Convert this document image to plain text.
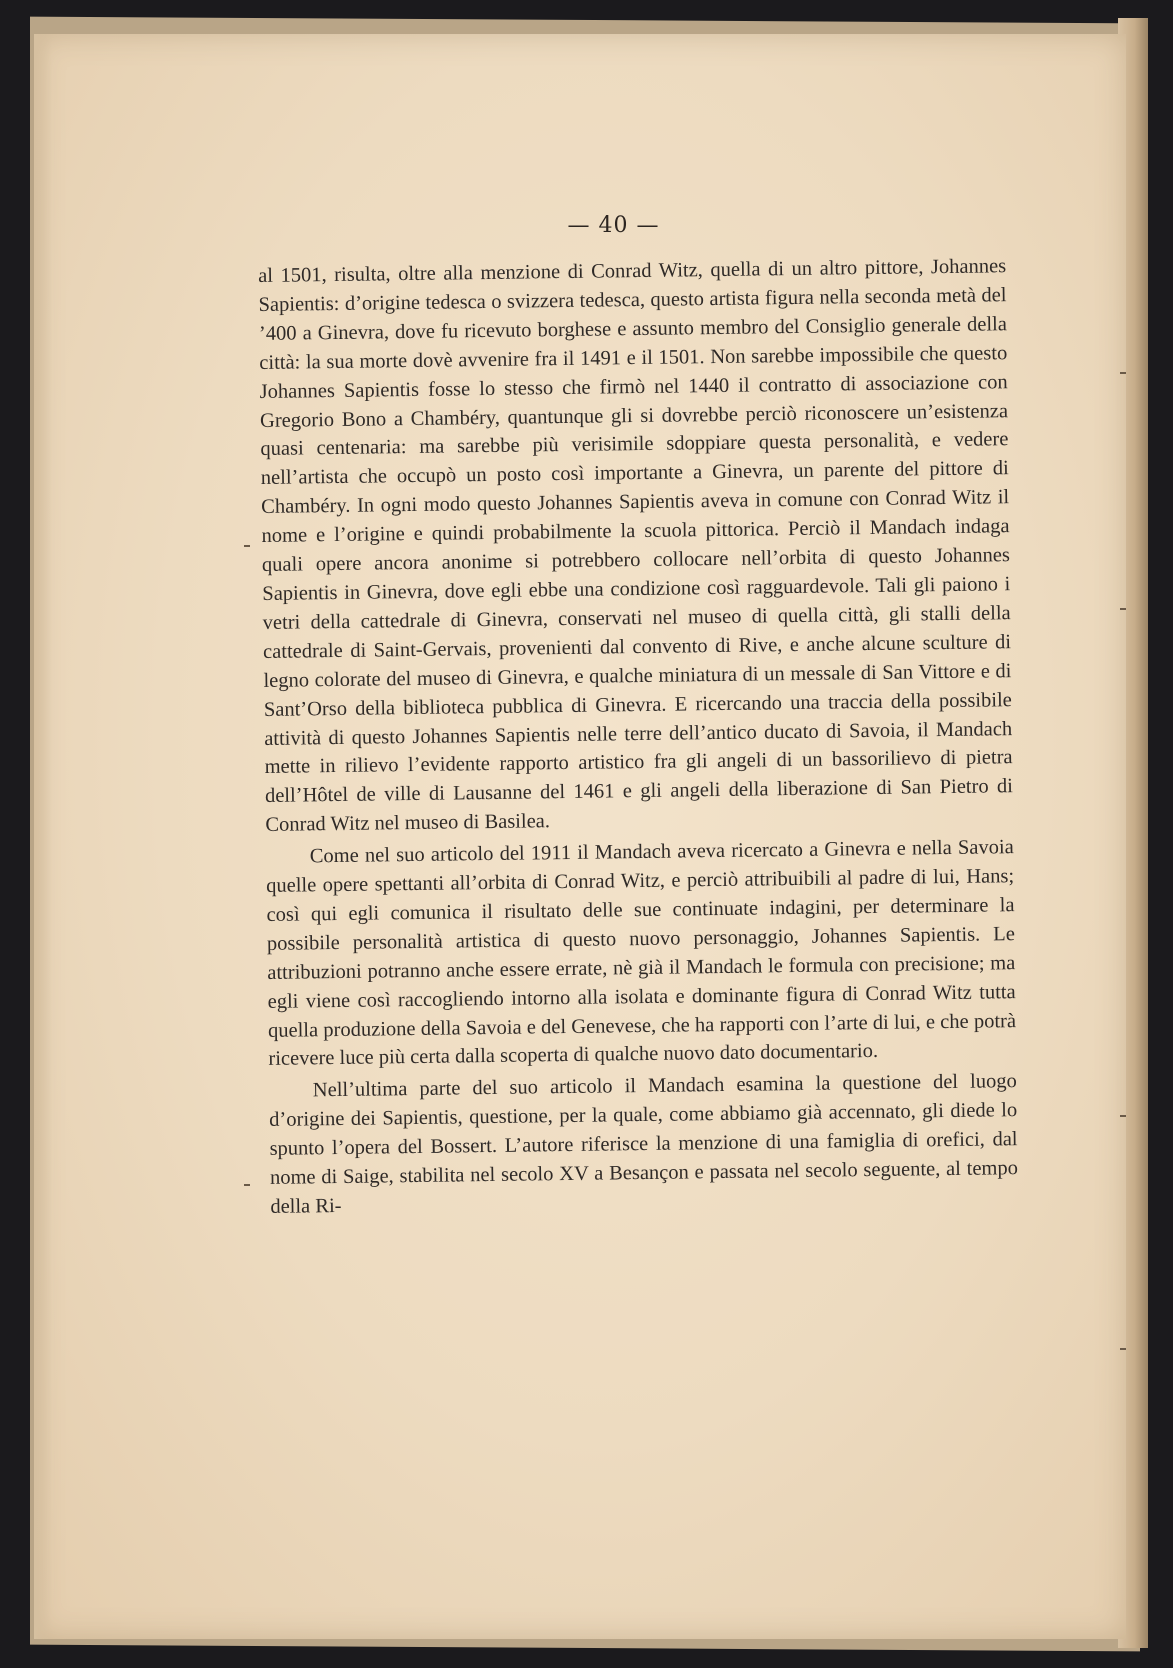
— 40 —

al 1501, risulta, oltre alla menzione di Conrad Witz, quella di un altro pittore, Johannes Sapientis: d’origine tedesca o svizzera tedesca, questo artista figura nella seconda metà del ’400 a Ginevra, dove fu ricevuto borghese e assunto membro del Consiglio generale della città: la sua morte dovè avvenire fra il 1491 e il 1501. Non sarebbe impossibile che questo Johannes Sapientis fosse lo stesso che firmò nel 1440 il contratto di associazione con Gregorio Bono a Chambéry, quantunque gli si dovrebbe perciò riconoscere un’esistenza quasi centenaria: ma sarebbe più verisimile sdoppiare questa personalità, e vedere nell’artista che occupò un posto così importante a Ginevra, un parente del pittore di Chambéry. In ogni modo questo Johannes Sapientis aveva in comune con Conrad Witz il nome e l’origine e quindi probabilmente la scuola pittorica. Perciò il Mandach indaga quali opere ancora anonime si potrebbero collocare nell’orbita di questo Johannes Sapientis in Ginevra, dove egli ebbe una condizione così ragguardevole. Tali gli paiono i vetri della cattedrale di Ginevra, conservati nel museo di quella città, gli stalli della cattedrale di Saint-Gervais, provenienti dal convento di Rive, e anche alcune sculture di legno colorate del museo di Ginevra, e qualche miniatura di un messale di San Vittore e di Sant’Orso della biblioteca pubblica di Ginevra. E ricercando una traccia della possibile attività di questo Johannes Sapientis nelle terre dell’antico ducato di Savoia, il Mandach mette in rilievo l’evidente rapporto artistico fra gli angeli di un bassorilievo di pietra dell’Hôtel de ville di Lausanne del 1461 e gli angeli della liberazione di San Pietro di Conrad Witz nel museo di Basilea.

Come nel suo articolo del 1911 il Mandach aveva ricercato a Ginevra e nella Savoia quelle opere spettanti all’orbita di Conrad Witz, e perciò attribuibili al padre di lui, Hans; così qui egli comunica il risultato delle sue continuate indagini, per determinare la possibile personalità artistica di questo nuovo personaggio, Johannes Sapientis. Le attribuzioni potranno anche essere errate, nè già il Mandach le formula con precisione; ma egli viene così raccogliendo intorno alla isolata e dominante figura di Conrad Witz tutta quella produzione della Savoia e del Genevese, che ha rapporti con l’arte di lui, e che potrà ricevere luce più certa dalla scoperta di qualche nuovo dato documentario.

Nell’ultima parte del suo articolo il Mandach esamina la questione del luogo d’origine dei Sapientis, questione, per la quale, come abbiamo già accennato, gli diede lo spunto l’opera del Bossert. L’autore riferisce la menzione di una famiglia di orefici, dal nome di Saige, stabilita nel secolo XV a Besançon e passata nel secolo seguente, al tempo della Ri-
